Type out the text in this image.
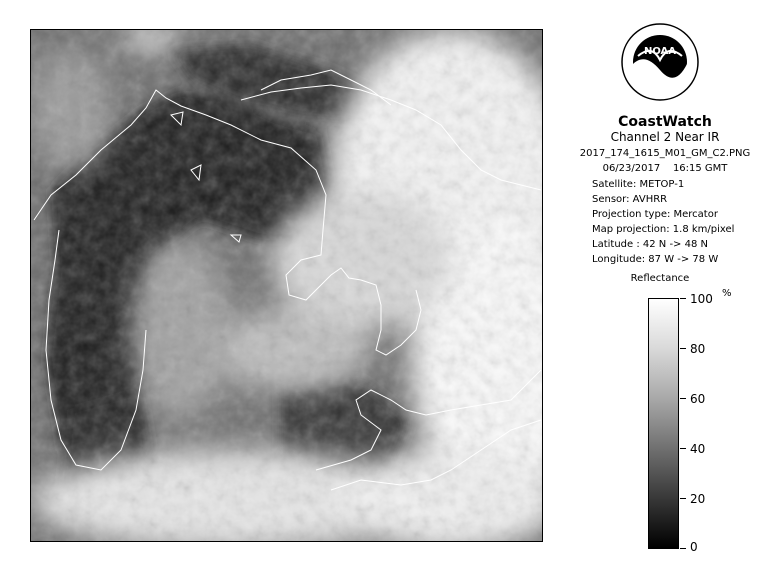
NOAA
CoastWatch
Channel 2 Near IR
2017_174_1615_M01_GM_C2.PNG
06/23/2017 16:15 GMT
Satellite: METOP-1
Sensor: AVHRR
Projection type: Mercator
Map projection: 1.8 km/pixel
Latitude : 42 N -> 48 N
Longitude: 87 W -> 78 W
Reflectance
100 %
80
60
40
20
0
